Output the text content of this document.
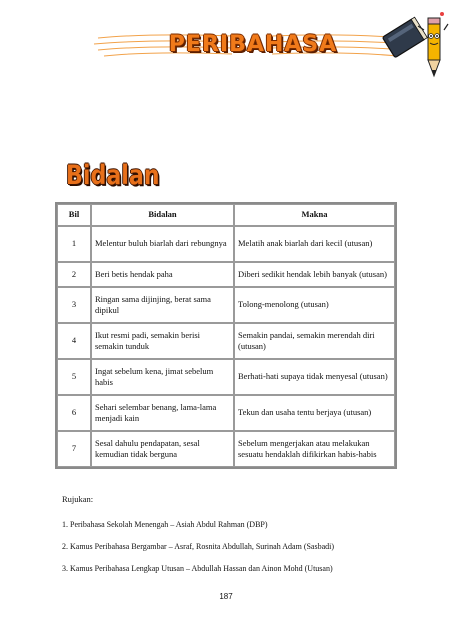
PERIBAHASA
Bidalan
Bil	Bidalan	Makna
1	Melentur buluh biarlah dari rebungnya	Melatih anak biarlah dari kecil (utusan)
2	Beri betis hendak paha	Diberi sedikit hendak lebih banyak (utusan)
3	Ringan sama dijinjing, berat sama dipikul	Tolong-menolong (utusan)
4	Ikut resmi padi, semakin berisi semakin tunduk	Semakin pandai, semakin merendah diri (utusan)
5	Ingat sebelum kena, jimat sebelum habis	Berhati-hati supaya tidak menyesal (utusan)
6	Sehari selembar benang, lama-lama menjadi kain	Tekun dan usaha tentu berjaya (utusan)
7	Sesal dahulu pendapatan, sesal kemudian tidak berguna	Sebelum mengerjakan atau melakukan sesuatu hendaklah difikirkan habis-habis
Rujukan:
1. Peribahasa Sekolah Menengah – Asiah Abdul Rahman (DBP)
2. Kamus Peribahasa Bergambar – Asraf, Rosnita Abdullah, Surinah Adam (Sasbadi)
3. Kamus Peribahasa Lengkap Utusan – Abdullah Hassan dan Ainon Mohd (Utusan)
187
